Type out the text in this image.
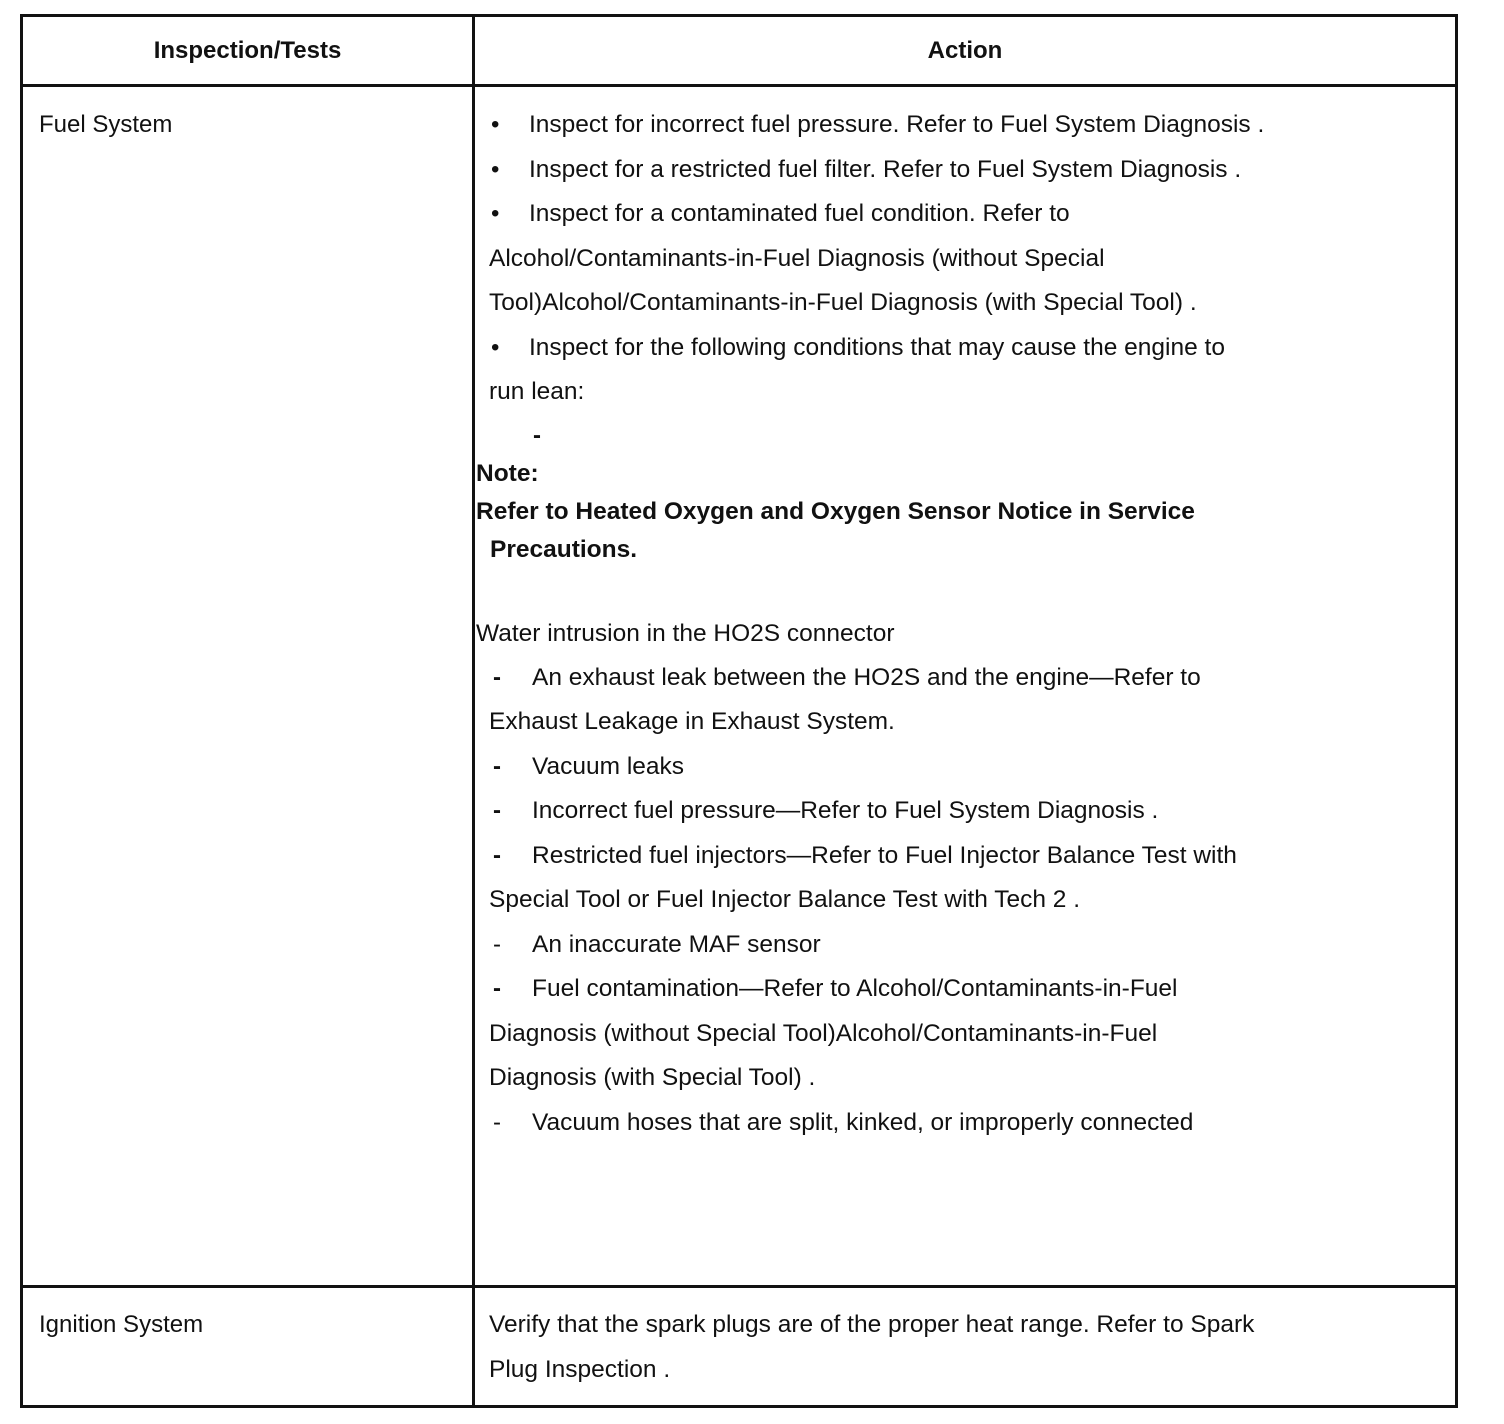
Inspection/Tests	Action
Fuel System	• Inspect for incorrect fuel pressure. Refer to Fuel System Diagnosis .
• Inspect for a restricted fuel filter. Refer to Fuel System Diagnosis .
• Inspect for a contaminated fuel condition. Refer to
Alcohol/Contaminants-in-Fuel Diagnosis (without Special
Tool)Alcohol/Contaminants-in-Fuel Diagnosis (with Special Tool) .
• Inspect for the following conditions that may cause the engine to
run lean:
-
Note:
Refer to Heated Oxygen and Oxygen Sensor Notice in Service
Precautions.
Water intrusion in the HO2S connector
- An exhaust leak between the HO2S and the engine—Refer to
Exhaust Leakage in Exhaust System.
- Vacuum leaks
- Incorrect fuel pressure—Refer to Fuel System Diagnosis .
- Restricted fuel injectors—Refer to Fuel Injector Balance Test with
Special Tool or Fuel Injector Balance Test with Tech 2 .
- An inaccurate MAF sensor
- Fuel contamination—Refer to Alcohol/Contaminants-in-Fuel
Diagnosis (without Special Tool)Alcohol/Contaminants-in-Fuel
Diagnosis (with Special Tool) .
- Vacuum hoses that are split, kinked, or improperly connected
Ignition System	Verify that the spark plugs are of the proper heat range. Refer to Spark
Plug Inspection .
